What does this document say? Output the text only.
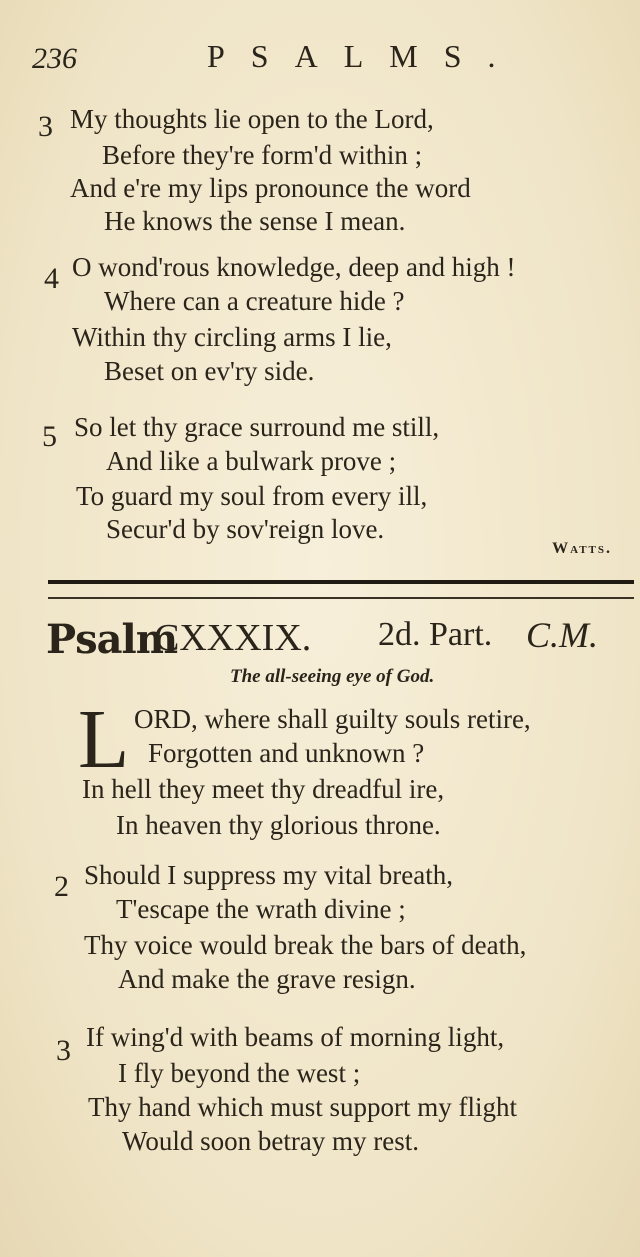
236	PSALMS.
3 My thoughts lie open to the Lord,
Before they're form'd within ;
And e're my lips pronounce the word
He knows the sense I mean.
4 O wond'rous knowledge, deep and high !
Where can a creature hide ?
Within thy circling arms I lie,
Beset on ev'ry side.
5 So let thy grace surround me still,
And like a bulwark prove ;
To guard my soul from every ill,
Secur'd by sov'reign love.
Watts.
Psalm
CXXXIX. 2d. Part. C.M.
The all-seeing eye of God.
L ORD, where shall guilty souls retire,
Forgotten and unknown ?
In hell they meet thy dreadful ire,
In heaven thy glorious throne.
2 Should I suppress my vital breath,
T'escape the wrath divine ;
Thy voice would break the bars of death,
And make the grave resign.
3 If wing'd with beams of morning light,
I fly beyond the west ;
Thy hand which must support my flight
Would soon betray my rest.
